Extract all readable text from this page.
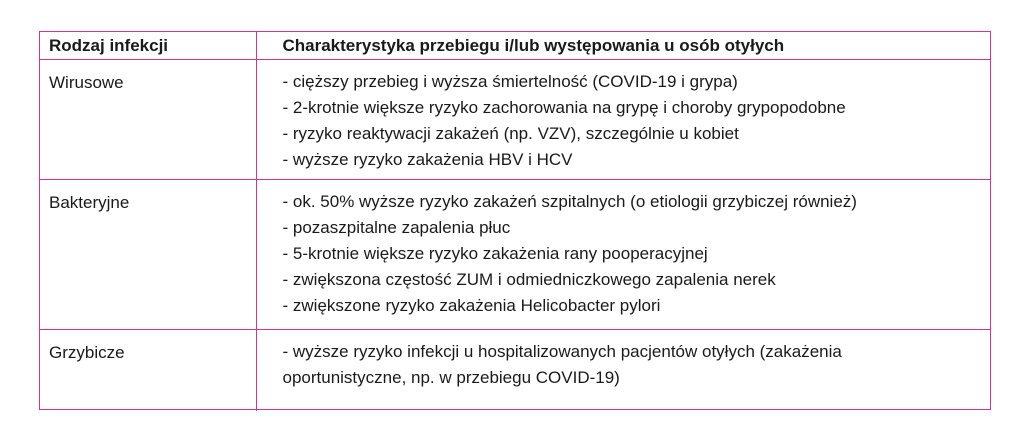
Rodzaj infekcji	Charakterystyka przebiegu i/lub występowania u osób otyłych
Wirusowe	- cięższy przebieg i wyższa śmiertelność (COVID-19 i grypa)
- 2-krotnie większe ryzyko zachorowania na grypę i choroby grypopodobne
- ryzyko reaktywacji zakażeń (np. VZV), szczególnie u kobiet
- wyższe ryzyko zakażenia HBV i HCV

Bakteryjne	- ok. 50% wyższe ryzyko zakażeń szpitalnych (o etiologii grzybiczej również)
- pozaszpitalne zapalenia płuc
- 5-krotnie większe ryzyko zakażenia rany pooperacyjnej
- zwiększona częstość ZUM i odmiedniczkowego zapalenia nerek
- zwiększone ryzyko zakażenia Helicobacter pylori

Grzybicze	- wyższe ryzyko infekcji u hospitalizowanych pacjentów otyłych (zakażenia
oportunistyczne, np. w przebiegu COVID-19)
